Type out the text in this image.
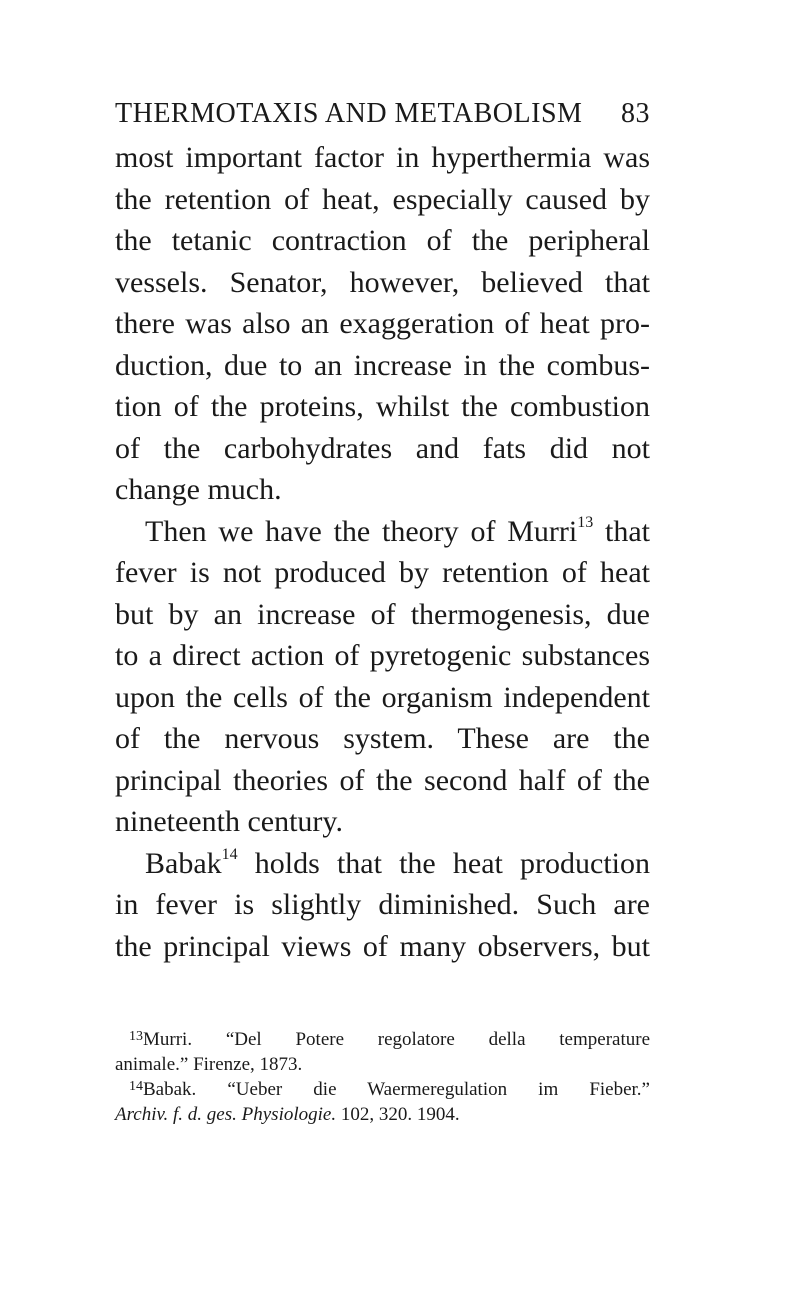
THERMOTAXIS AND METABOLISM 83
most important factor in hyperthermia was
the retention of heat, especially caused by
the tetanic contraction of the peripheral
vessels. Senator, however, believed that
there was also an exaggeration of heat pro-
duction, due to an increase in the combus-
tion of the proteins, whilst the combustion
of the carbohydrates and fats did not
change much.
Then we have the theory of Murri$^{13}$ that
fever is not produced by retention of heat
but by an increase of thermogenesis, due
to a direct action of pyretogenic substances
upon the cells of the organism independent
of the nervous system. These are the
principal theories of the second half of the
nineteenth century.
Babak$^{14}$ holds that the heat production
in fever is slightly diminished. Such are
the principal views of many observers, but
$^{13}$Murri. “Del Potere regolatore della temperature
animale.” Firenze, 1873.
$^{14}$Babak. “Ueber die Waermeregulation im Fieber.”
Archiv. f. d. ges. Physiologie. 102, 320. 1904.
